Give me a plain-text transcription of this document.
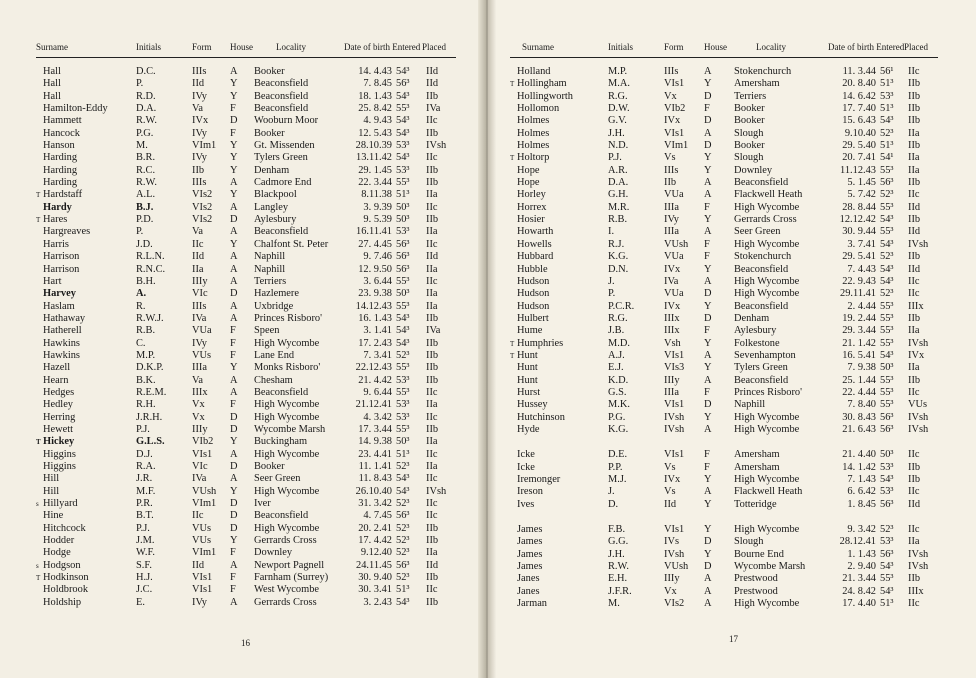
Surname	Initials	Form	House	Locality	Date of birth Entered		Placed

Hall	D.C.	IIIs	A	Booker	14. 4.43	54³	IId
Hall	P.	IId	Y	Beaconsfield	7. 8.45	56³	IId
Hall	R.D.	IVy	Y	Beaconsfield	18. 1.43	54³	IIb
Hamilton-Eddy	D.A.	Va	F	Beaconsfield	25. 8.42	55³	IVa
Hammett	R.W.	IVx	D	Wooburn Moor	4. 9.43	54³	IIc
Hancock	P.G.	IVy	F	Booker	12. 5.43	54³	IIb
Hanson	M.	VIm1	Y	Gt. Missenden	28.10.39	53³	IVsh
Harding	B.R.	IVy	Y	Tylers Green	13.11.42	54³	IIc
Harding	R.C.	IIb	Y	Denham	29. 1.45	53³	IIb
Harding	R.W.	IIIs	A	Cadmore End	22. 3.44	55³	IIb
T Hardstaff	A.L.	VIs2	Y	Blackpool	8.11.38	51³	IIa
Hardy	B.J.	VIs2	A	Langley	3. 9.39	50³	IIc
T Hares	P.D.	VIs2	D	Aylesbury	9. 5.39	50³	IIb
Hargreaves	P.	Va	A	Beaconsfield	16.11.41	53³	IIa
Harris	J.D.	IIc	Y	Chalfont St. Peter	27. 4.45	56³	IIc
Harrison	R.L.N.	IId	A	Naphill	9. 7.46	56³	IId
Harrison	R.N.C.	IIa	A	Naphill	12. 9.50	56³	IIa
Hart	B.H.	IIIy	A	Terriers	3. 6.44	55³	IIc
Harvey	A.	VIc	D	Hazlemere	23. 9.38	50³	IIa
Haslam	R.	IIIs	A	Uxbridge	14.12.43	55³	IIa
Hathaway	R.W.J.	IVa	A	Princes Risboro'	16. 1.43	54³	IIb
Hatherell	R.B.	VUa	F	Speen	3. 1.41	54³	IVa
Hawkins	C.	IVy	F	High Wycombe	17. 2.43	54³	IIb
Hawkins	M.P.	VUs	F	Lane End	7. 3.41	52³	IIb
Hazell	D.K.P.	IIIa	Y	Monks Risboro'	22.12.43	55³	IIb
Hearn	B.K.	Va	A	Chesham	21. 4.42	53³	IIb
Hedges	R.E.M.	IIIx	A	Beaconsfield	9. 6.44	55³	IIc
Hedley	R.H.	Vx	F	High Wycombe	21.12.41	53³	IIa
Herring	J.R.H.	Vx	D	High Wycombe	4. 3.42	53³	IIc
Hewett	P.J.	IIIy	D	Wycombe Marsh	17. 3.44	55³	IIb
T Hickey	G.L.S.	VIb2	Y	Buckingham	14. 9.38	50³	IIa
Higgins	D.J.	VIs1	A	High Wycombe	23. 4.41	51³	IIc
Higgins	R.A.	VIc	D	Booker	11. 1.41	52³	IIa
Hill	J.R.	IVa	A	Seer Green	11. 8.43	54³	IIc
Hill	M.F.	VUsh	Y	High Wycombe	26.10.40	54³	IVsh
s Hillyard	P.R.	VIm1	D	Iver	31. 3.42	52³	IIc
Hine	B.T.	IIc	D	Beaconsfield	4. 7.45	56³	IIc
Hitchcock	P.J.	VUs	D	High Wycombe	20. 2.41	52³	IIb
Hodder	J.M.	VUs	Y	Gerrards Cross	17. 4.42	52³	IIb
Hodge	W.F.	VIm1	F	Downley	9.12.40	52³	IIa
s Hodgson	S.F.	IId	A	Newport Pagnell	24.11.45	56³	IId
T Hodkinson	H.J.	VIs1	F	Farnham (Surrey)	30. 9.40	52³	IIb
Holdbrook	J.C.	VIs1	F	West Wycombe	30. 3.41	51³	IIc
Holdship	E.	IVy	A	Gerrards Cross	3. 2.43	54³	IIb
16
Surname	Initials	Form	House	Locality	Date of birth Entered		Placed

Holland	M.P.	IIIs	A	Stokenchurch	11. 3.44	56¹	IIc
T Hollingham	M.A.	VIs1	Y	Amersham	20. 8.40	51³	IIb
Hollingworth	R.G.	Vx	D	Terriers	14. 6.42	53³	IIb
Hollomon	D.W.	VIb2	F	Booker	17. 7.40	51³	IIb
Holmes	G.V.	IVx	D	Booker	15. 6.43	54³	IIb
Holmes	J.H.	VIs1	A	Slough	9.10.40	52³	IIa
Holmes	N.D.	VIm1	D	Booker	29. 5.40	51³	IIb
T Holtorp	P.J.	Vs	Y	Slough	20. 7.41	54¹	IIa
Hope	A.R.	IIIs	Y	Downley	11.12.43	55³	IIa
Hope	D.A.	IIb	A	Beaconsfield	5. 1.45	56³	IIb
Horley	G.H.	VUa	A	Flackwell Heath	5. 7.42	52³	IIc
Horrex	M.R.	IIIa	F	High Wycombe	28. 8.44	55³	IId
Hosier	R.B.	IVy	Y	Gerrards Cross	12.12.42	54³	IIb
Howarth	I.	IIIa	A	Seer Green	30. 9.44	55³	IId
Howells	R.J.	VUsh	F	High Wycombe	3. 7.41	54³	IVsh
Hubbard	K.G.	VUa	F	Stokenchurch	29. 5.41	52³	IIb
Hubble	D.N.	IVx	Y	Beaconsfield	7. 4.43	54³	IId
Hudson	J.	IVa	A	High Wycombe	22. 9.43	54³	IIc
Hudson	P.	VUa	D	High Wycombe	29.11.41	52³	IIc
Hudson	P.C.R.	IVx	Y	Beaconsfield	2. 4.44	55³	IIIx
Hulbert	R.G.	IIIx	D	Denham	19. 2.44	55³	IIb
Hume	J.B.	IIIx	F	Aylesbury	29. 3.44	55³	IIa
T Humphries	M.D.	Vsh	Y	Folkestone	21. 1.42	55³	IVsh
T Hunt	A.J.	VIs1	A	Sevenhampton	16. 5.41	54³	IVx
Hunt	E.J.	VIs3	Y	Tylers Green	7. 9.38	50³	IIa
Hunt	K.D.	IIIy	A	Beaconsfield	25. 1.44	55³	IIb
Hurst	G.S.	IIIa	F	Princes Risboro'	22. 4.44	55³	IIc
Hussey	M.K.	VIs1	D	Naphill	7. 8.40	55³	VUs
Hutchinson	P.G.	IVsh	Y	High Wycombe	30. 8.43	56³	IVsh
Hyde	K.G.	IVsh	A	High Wycombe	21. 6.43	56³	IVsh

Icke	D.E.	VIs1	F	Amersham	21. 4.40	50³	IIc
Icke	P.P.	Vs	F	Amersham	14. 1.42	53³	IIb
Iremonger	M.J.	IVx	Y	High Wycombe	7. 1.43	54³	IIb
Ireson	J.	Vs	A	Flackwell Heath	6. 6.42	53³	IIc
Ives	D.	IId	Y	Totteridge	1. 8.45	56³	IId

James	F.B.	VIs1	Y	High Wycombe	9. 3.42	52³	IIc
James	G.G.	IVs	D	Slough	28.12.41	53³	IIa
James	J.H.	IVsh	Y	Bourne End	1. 1.43	56³	IVsh
James	R.W.	VUsh	D	Wycombe Marsh	2. 9.40	54³	IVsh
Janes	E.H.	IIIy	A	Prestwood	21. 3.44	55³	IIb
Janes	J.F.R.	Vx	A	Prestwood	24. 8.42	54³	IIIx
Jarman	M.	VIs2	A	High Wycombe	17. 4.40	51³	IIc
17
